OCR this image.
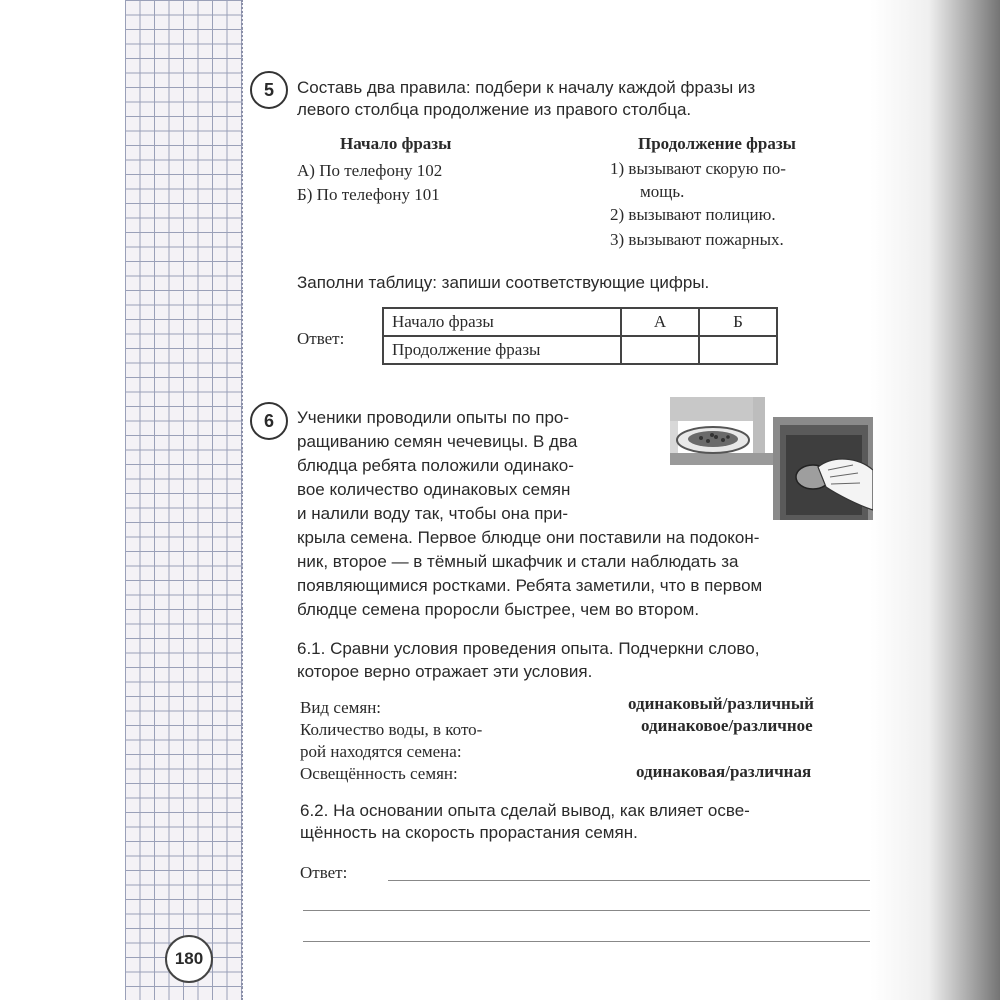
5	Составь два правила: подбери к началу каждой фразы из
левого столбца продолжение из правого столбца.
Начало фразы	Продолжение фразы
А) По телефону 102
Б) По телефону 101
1) вызывают скорую по-
мощь.
2) вызывают полицию.
3) вызывают пожарных.
Заполни таблицу: запиши соответствующие цифры.
Ответ:
Начало фразы	А	Б
Продолжение фразы		
6	Ученики проводили опыты по про-
ращиванию семян чечевицы. В два
блюдца ребята положили одинако-
вое количество одинаковых семян
и налили воду так, чтобы она при-
крыла семена. Первое блюдце они поставили на подокон-
ник, второе — в тёмный шкафчик и стали наблюдать за
появляющимися ростками. Ребята заметили, что в первом
блюдце семена проросли быстрее, чем во втором.
6.1. Сравни условия проведения опыта. Подчеркни слово,
которое верно отражает эти условия.
Вид семян:	одинаковый/различный
Количество воды, в кото-	одинаковое/различное
рой находятся семена:
Освещённость семян:	одинаковая/различная
6.2. На основании опыта сделай вывод, как влияет осве-
щённость на скорость прорастания семян.
Ответ:
180
